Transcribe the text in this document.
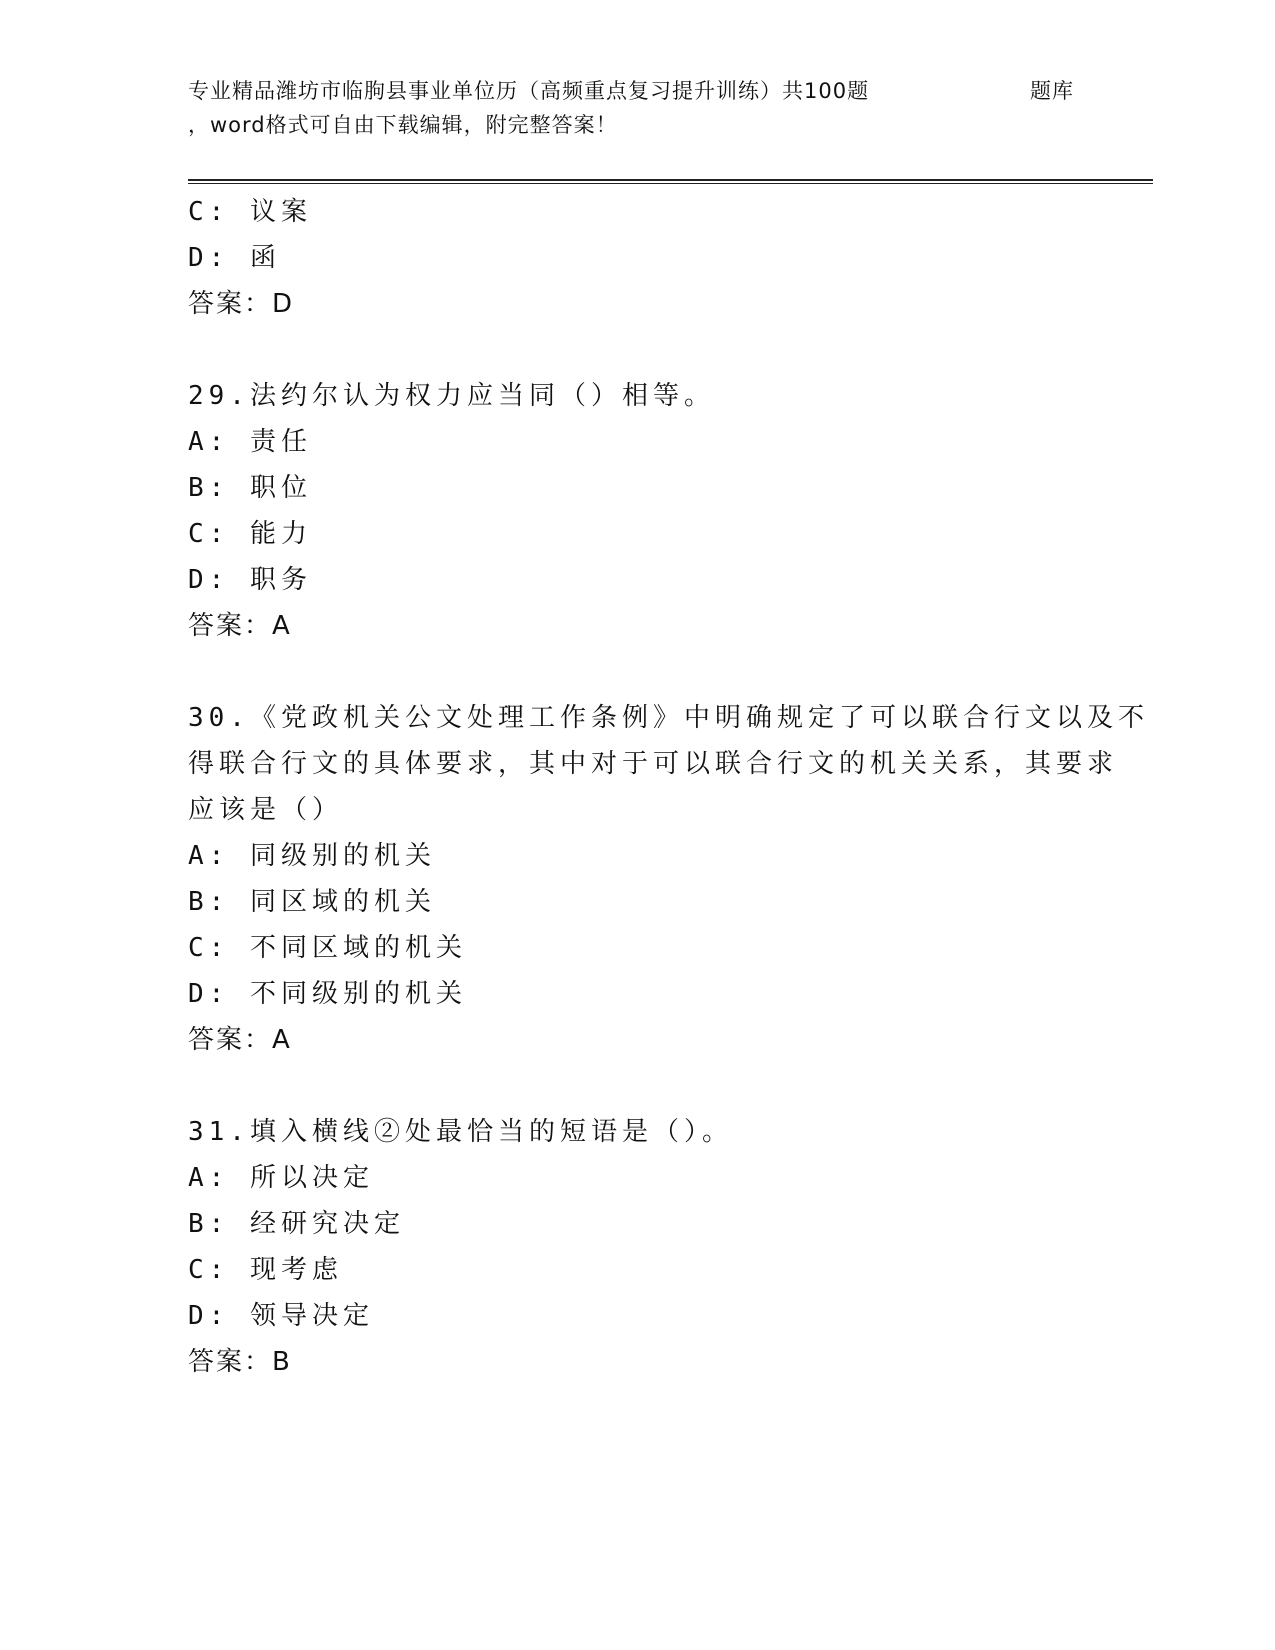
专业精品潍坊市临朐县事业单位历（高频重点复习提升训练）共100题	题库
，word格式可自由下载编辑，附完整答案！
C: 议案
D: 函
答案：D
29.法约尔认为权力应当同（）相等。
A: 责任
B: 职位
C: 能力
D: 职务
答案：A
30.《党政机关公文处理工作条例》中明确规定了可以联合行文以及不
得联合行文的具体要求，其中对于可以联合行文的机关关系，其要求
应该是（）
A: 同级别的机关
B: 同区域的机关
C: 不同区域的机关
D: 不同级别的机关
答案：A
31.填入横线②处最恰当的短语是（）。
A: 所以决定
B: 经研究决定
C: 现考虑
D: 领导决定
答案：B
